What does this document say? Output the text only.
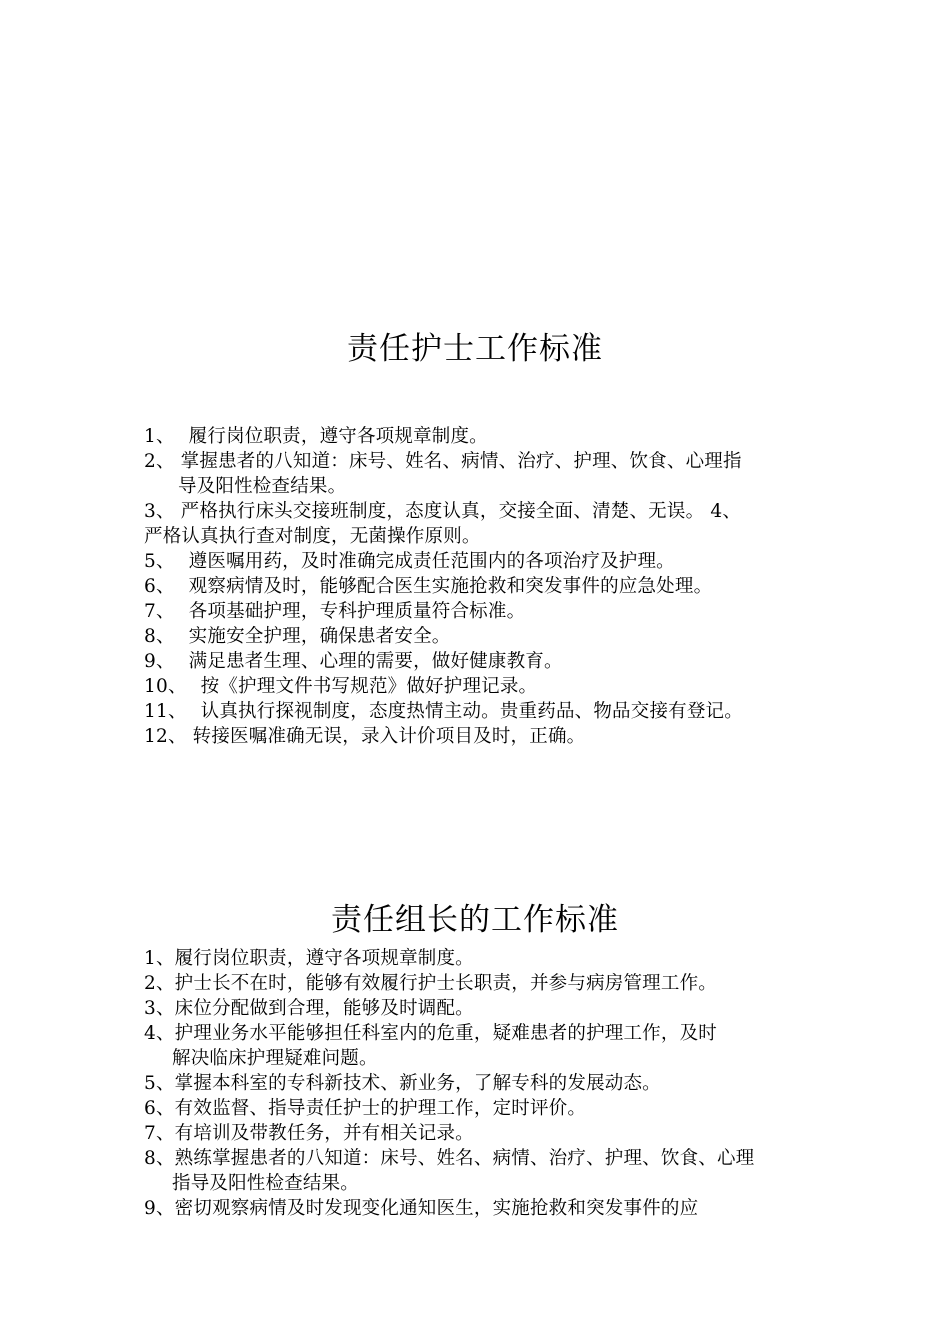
责任护士工作标准
1、 履行岗位职责，遵守各项规章制度。
2、 掌握患者的八知道：床号、姓名、病情、治疗、护理、饮食、心理指
导及阳性检查结果。
3、 严格执行床头交接班制度，态度认真，交接全面、清楚、无误。 4、
严格认真执行查对制度，无菌操作原则。
5、 遵医嘱用药，及时准确完成责任范围内的各项治疗及护理。
6、 观察病情及时，能够配合医生实施抢救和突发事件的应急处理。
7、 各项基础护理，专科护理质量符合标准。
8、 实施安全护理，确保患者安全。
9、 满足患者生理、心理的需要，做好健康教育。
10、 按《护理文件书写规范》做好护理记录。
11、 认真执行探视制度，态度热情主动。贵重药品、物品交接有登记。
12、 转接医嘱准确无误，录入计价项目及时，正确。
责任组长的工作标准
1、履行岗位职责，遵守各项规章制度。
2、护士长不在时，能够有效履行护士长职责，并参与病房管理工作。
3、床位分配做到合理，能够及时调配。
4、护理业务水平能够担任科室内的危重，疑难患者的护理工作，及时
解决临床护理疑难问题。
5、掌握本科室的专科新技术、新业务，了解专科的发展动态。
6、有效监督、指导责任护士的护理工作，定时评价。
7、有培训及带教任务，并有相关记录。
8、熟练掌握患者的八知道：床号、姓名、病情、治疗、护理、饮食、心理
指导及阳性检查结果。
9、密切观察病情及时发现变化通知医生，实施抢救和突发事件的应
